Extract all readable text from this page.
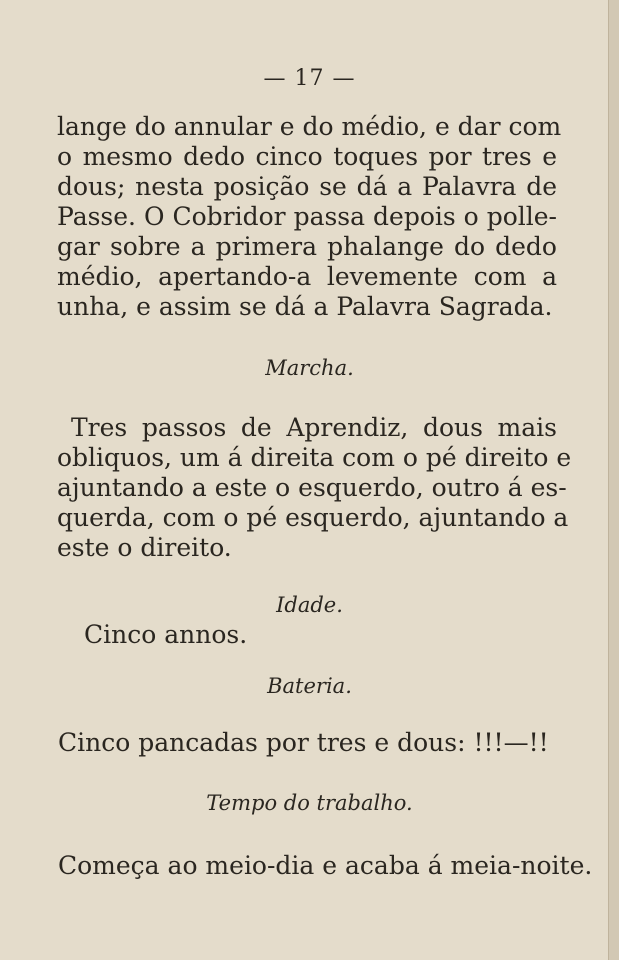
— 17 —

lange do annular e do médio, e dar com
o mesmo dedo cinco toques por tres e
dous; nesta posição se dá a Palavra de
Passe. O Cobridor passa depois o polle-
gar sobre a primera phalange do dedo
médio, apertando-a levemente com a
unha, e assim se dá a Palavra Sagrada.

Marcha.

Tres passos de Aprendiz, dous mais
obliquos, um á direita com o pé direito e
ajuntando a este o esquerdo, outro á es-
querda, com o pé esquerdo, ajuntando a
este o direito.

Idade.

Cinco annos.

Bateria.

Cinco pancadas por tres e dous: !!!—!!

Tempo do trabalho.

Começa ao meio-dia e acaba á meia-noite.
